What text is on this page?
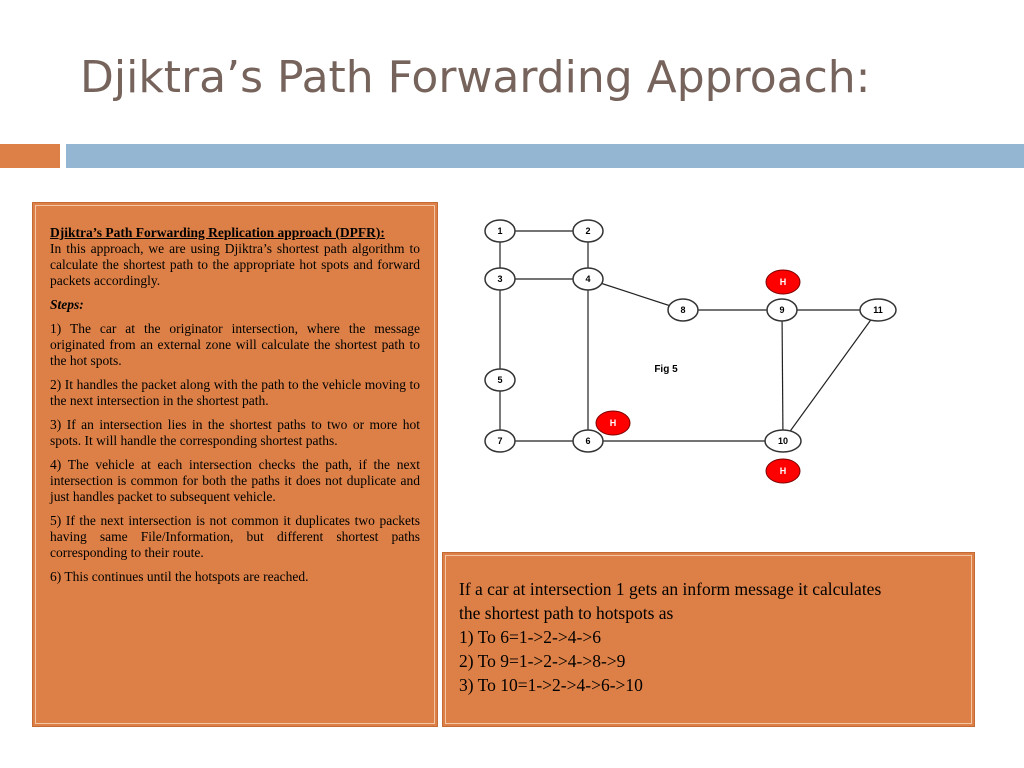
Djiktra’s Path Forwarding Approach:
Djiktra’s Path Forwarding Replication approach (DPFR):

In this approach, we are using Djiktra’s shortest path algorithm to calculate the shortest path to the appropriate hot spots and forward packets accordingly.

Steps:

1) The car at the originator intersection, where the message originated from an external zone will calculate the shortest path to the hot spots.

2) It handles the packet along with the path to the vehicle moving to the next intersection in the shortest path.

3) If an intersection lies in the shortest paths to two or more hot spots. It will handle the corresponding shortest paths.

4) The vehicle at each intersection checks the path, if the next intersection is common for both the paths it does not duplicate and just handles packet to subsequent vehicle.

5) If the next intersection is not common it duplicates two packets having same File/Information, but different shortest paths corresponding to their route.

6) This continues until the hotspots are reached.

1	2
3	4
5
6
7
8	9
10
11
H
H
H
Fig 5
If a car at intersection 1 gets an inform message it calculates
the shortest path to hotspots as
1) To 6=1->2->4->6
2) To 9=1->2->4->8->9
3) To 10=1->2->4->6->10
